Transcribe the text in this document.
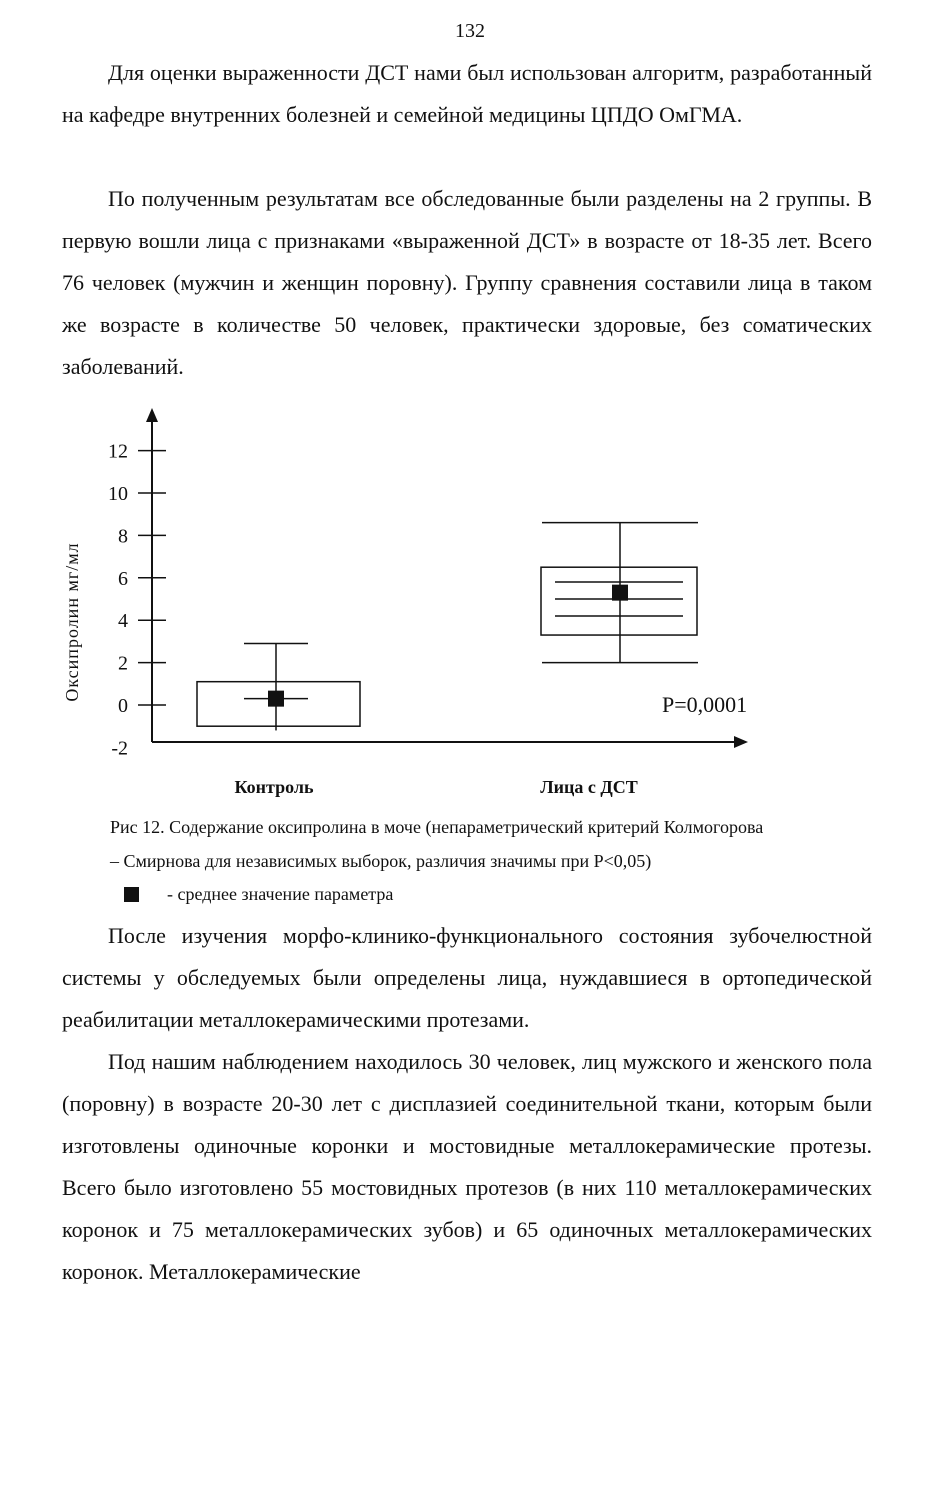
132

Для оценки выраженности ДСТ нами был использован алгоритм, разработанный на кафедре внутренних болезней и семейной медицины ЦПДО ОмГМА.

По полученным результатам все обследованные были разделены на 2 группы. В первую вошли лица с признаками «выраженной ДСТ» в возрасте от 18-35 лет. Всего 76 человек (мужчин и женщин поровну). Группу сравнения составили лица в таком же возрасте в количестве 50 человек, практически здоровые, без соматических заболеваний.

12
10
8
6
4
2
0
-2
Оксипролин мг/мл
P=0,0001
Контроль	Лица с ДСТ

Рис 12. Содержание оксипролина в моче (непараметрический критерий Колмогорова

– Смирнова для независимых выборок, различия значимы при P<0,05)

- среднее значение параметра

После изучения морфо-клинико-функционального состояния зубочелюстной системы у обследуемых были определены лица, нуждавшиеся в ортопедической реабилитации металлокерамическими протезами.

Под нашим наблюдением находилось 30 человек, лиц мужского и женского пола (поровну) в возрасте 20-30 лет с дисплазией соединительной ткани, которым были изготовлены одиночные коронки и мостовидные металлокерамические протезы. Всего было изготовлено 55 мостовидных протезов (в них 110 металлокерамических коронок и 75 металлокерамических зубов) и 65 одиночных металлокерамических коронок. Металлокерамические
